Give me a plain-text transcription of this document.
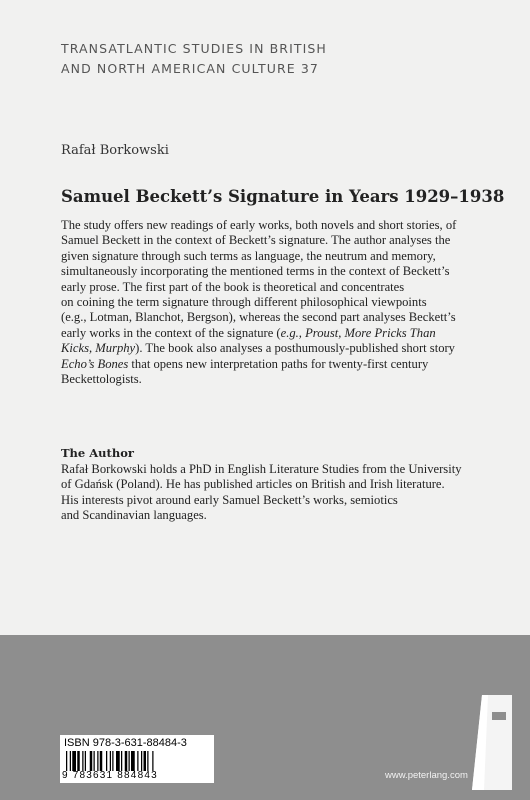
TRANSATLANTIC STUDIES IN BRITISH
AND NORTH AMERICAN CULTURE 37
Rafał Borkowski
Samuel Beckett’s Signature in Years 1929–1938
The study offers new readings of early works, both novels and short stories, of
Samuel Beckett in the context of Beckett’s signature. The author analyses the
given signature through such terms as language, the neutrum and memory,
simultaneously incorporating the mentioned terms in the context of Beckett’s
early prose. The first part of the book is theoretical and concentrates
on coining the term signature through different philosophical viewpoints
(e.g., Lotman, Blanchot, Bergson), whereas the second part analyses Beckett’s
early works in the context of the signature (e.g., Proust, More Pricks Than
Kicks, Murphy). The book also analyses a posthumously-published short story
Echo’s Bones that opens new interpretation paths for twenty-first century
Beckettologists.
The Author
Rafał Borkowski holds a PhD in English Literature Studies from the University
of Gdańsk (Poland). He has published articles on British and Irish literature.
His interests pivot around early Samuel Beckett’s works, semiotics
and Scandinavian languages.
ISBN 978-3-631-88484-3
9 783631 884843	www.peterlang.com
